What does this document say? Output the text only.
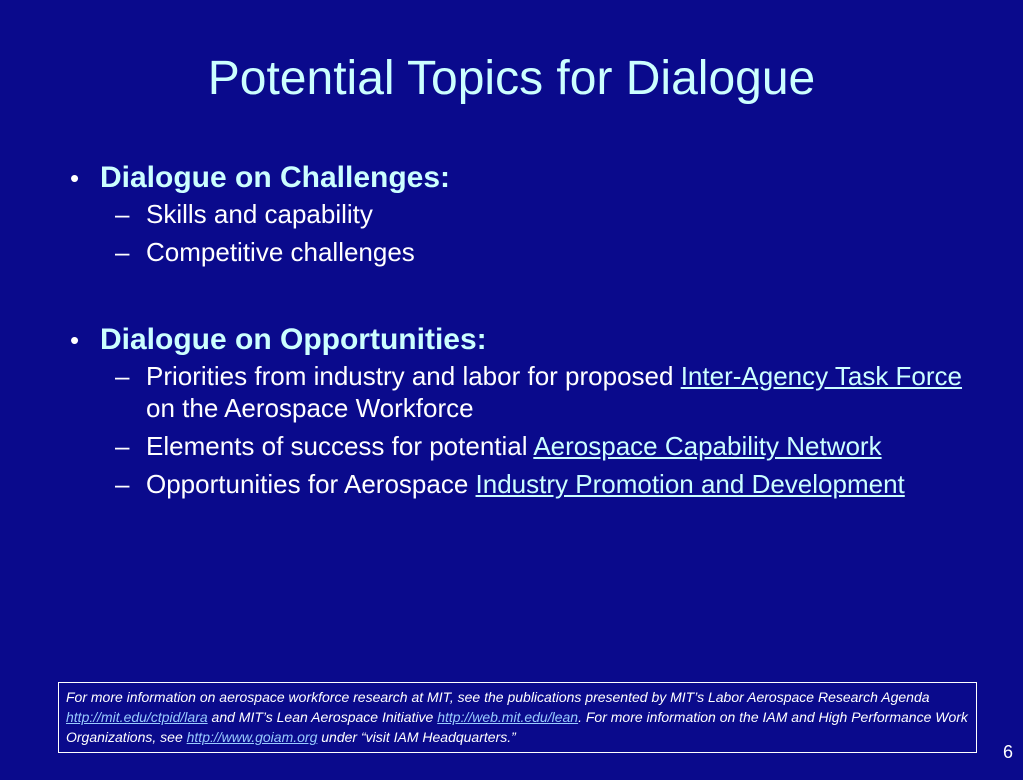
Potential Topics for Dialogue
• Dialogue on Challenges:
– Skills and capability
– Competitive challenges
• Dialogue on Opportunities:
– Priorities from industry and labor for proposed Inter-Agency Task Force on the Aerospace Workforce
– Elements of success for potential Aerospace Capability Network
– Opportunities for Aerospace Industry Promotion and Development
For more information on aerospace workforce research at MIT, see the publications presented by MIT’s Labor Aerospace Research Agenda http://mit.edu/ctpid/lara and MIT’s Lean Aerospace Initiative http://web.mit.edu/lean. For more information on the IAM and High Performance Work Organizations, see http://www.goiam.org under “visit IAM Headquarters.”
6
